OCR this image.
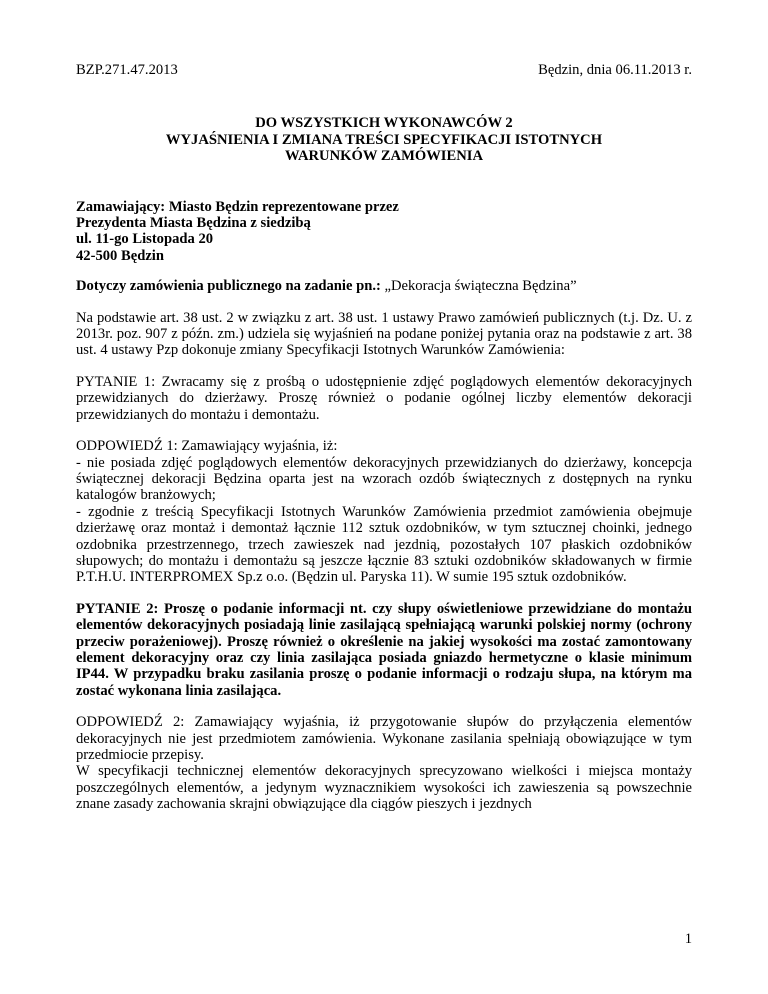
BZP.271.47.2013	Będzin, dnia 06.11.2013 r.
DO WSZYSTKICH WYKONAWCÓW 2
WYJAŚNIENIA I ZMIANA TREŚCI SPECYFIKACJI ISTOTNYCH
WARUNKÓW ZAMÓWIENIA
Zamawiający: Miasto Będzin reprezentowane przez
Prezydenta Miasta Będzina z siedzibą
ul. 11-go Listopada 20
42-500 Będzin

Dotyczy zamówienia publicznego na zadanie pn.: „Dekoracja świąteczna Będzina”

Na podstawie art. 38 ust. 2 w związku z art. 38 ust. 1 ustawy Prawo zamówień publicznych (t.j. Dz. U. z 2013r. poz. 907 z późn. zm.) udziela się wyjaśnień na podane poniżej pytania oraz na podstawie z art. 38 ust. 4 ustawy Pzp dokonuje zmiany Specyfikacji Istotnych Warunków Zamówienia:

PYTANIE 1: Zwracamy się z prośbą o udostępnienie zdjęć poglądowych elementów dekoracyjnych przewidzianych do dzierżawy. Proszę również o podanie ogólnej liczby elementów dekoracji przewidzianych do montażu i demontażu.

ODPOWIEDŹ 1: Zamawiający wyjaśnia, iż:
- nie posiada zdjęć poglądowych elementów dekoracyjnych przewidzianych do dzierżawy, koncepcja świątecznej dekoracji Będzina oparta jest na wzorach ozdób świątecznych z dostępnych na rynku katalogów branżowych;
- zgodnie z treścią Specyfikacji Istotnych Warunków Zamówienia przedmiot zamówienia obejmuje dzierżawę oraz montaż i demontaż łącznie 112 sztuk ozdobników, w tym sztucznej choinki, jednego ozdobnika przestrzennego, trzech zawieszek nad jezdnią, pozostałych 107 płaskich ozdobników słupowych; do montażu i demontażu są jeszcze łącznie 83 sztuki ozdobników składowanych w firmie P.T.H.U. INTERPROMEX Sp.z o.o. (Będzin ul. Paryska 11). W sumie 195 sztuk ozdobników.

PYTANIE 2: Proszę o podanie informacji nt. czy słupy oświetleniowe przewidziane do montażu elementów dekoracyjnych posiadają linie zasilającą spełniającą warunki polskiej normy (ochrony przeciw porażeniowej). Proszę również o określenie na jakiej wysokości ma zostać zamontowany element dekoracyjny oraz czy linia zasilająca posiada gniazdo hermetyczne o klasie minimum IP44. W przypadku braku zasilania proszę o podanie informacji o rodzaju słupa, na którym ma zostać wykonana linia zasilająca.

ODPOWIEDŹ 2: Zamawiający wyjaśnia, iż przygotowanie słupów do przyłączenia elementów dekoracyjnych nie jest przedmiotem zamówienia. Wykonane zasilania spełniają obowiązujące w tym przedmiocie przepisy.
W specyfikacji technicznej elementów dekoracyjnych sprecyzowano wielkości i miejsca montaży poszczególnych elementów, a jedynym wyznacznikiem wysokości ich zawieszenia są powszechnie znane zasady zachowania skrajni obwiązujące dla ciągów pieszych i jezdnych
1
